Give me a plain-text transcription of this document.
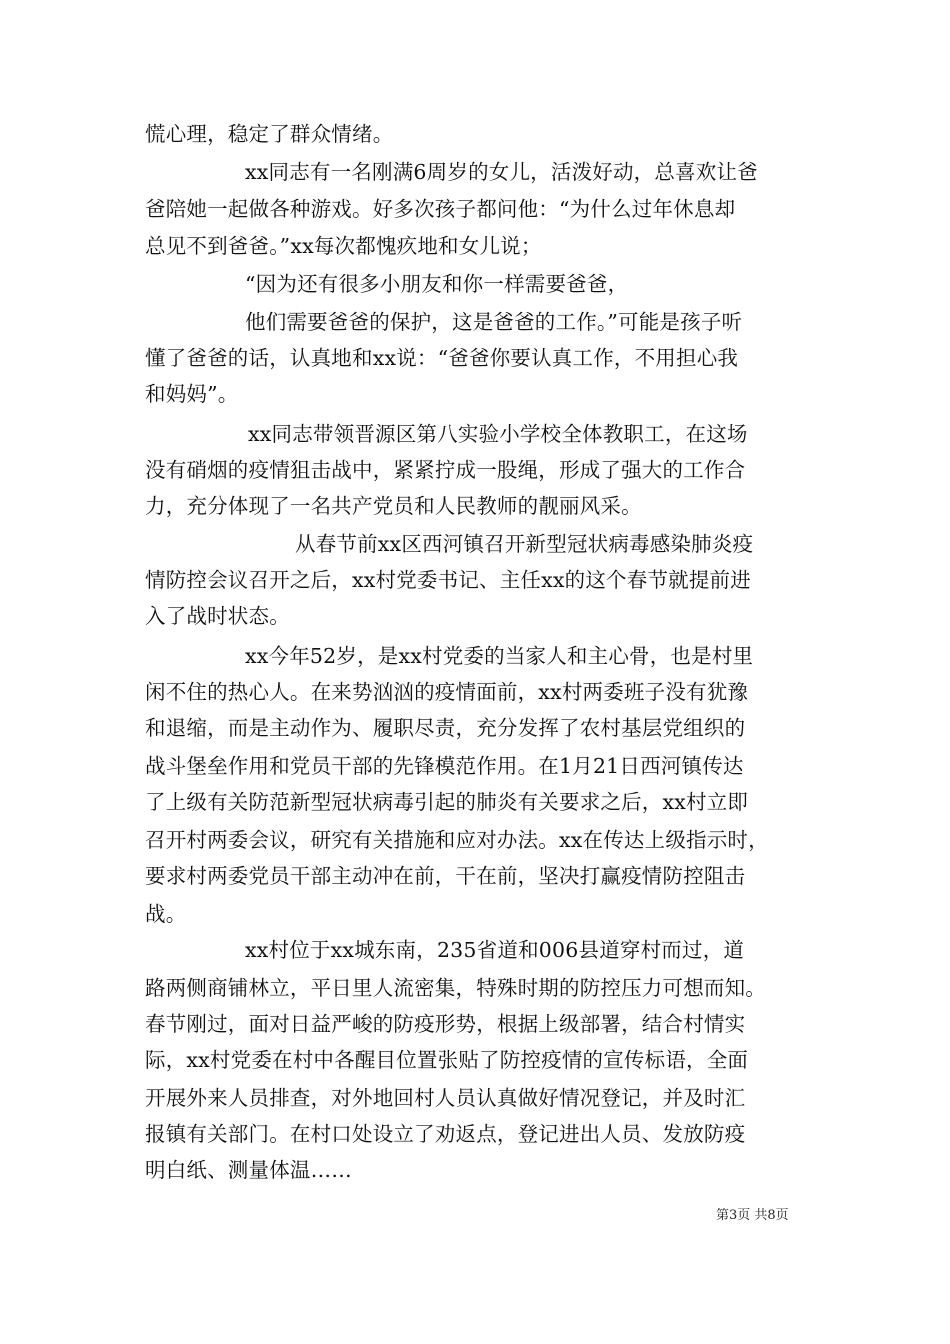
慌心理，稳定了群众情绪。
xx同志有一名刚满6周岁的女儿，活泼好动，总喜欢让爸
爸陪她一起做各种游戏。好多次孩子都问他：“为什么过年休息却
总见不到爸爸。”xx每次都愧疚地和女儿说；
“因为还有很多小朋友和你一样需要爸爸，
他们需要爸爸的保护，这是爸爸的工作。”可能是孩子听
懂了爸爸的话，认真地和xx说：“爸爸你要认真工作，不用担心我
和妈妈”。
xx同志带领晋源区第八实验小学校全体教职工，在这场
没有硝烟的疫情狙击战中，紧紧拧成一股绳，形成了强大的工作合
力，充分体现了一名共产党员和人民教师的靓丽风采。
从春节前xx区西河镇召开新型冠状病毒感染肺炎疫
情防控会议召开之后，xx村党委书记、主任xx的这个春节就提前进
入了战时状态。
xx今年52岁，是xx村党委的当家人和主心骨，也是村里
闲不住的热心人。在来势汹汹的疫情面前，xx村两委班子没有犹豫
和退缩，而是主动作为、履职尽责，充分发挥了农村基层党组织的
战斗堡垒作用和党员干部的先锋模范作用。在1月21日西河镇传达
了上级有关防范新型冠状病毒引起的肺炎有关要求之后，xx村立即
召开村两委会议，研究有关措施和应对办法。xx在传达上级指示时，
要求村两委党员干部主动冲在前，干在前，坚决打赢疫情防控阻击
战。
xx村位于xx城东南，235省道和006县道穿村而过，道
路两侧商铺林立，平日里人流密集，特殊时期的防控压力可想而知。
春节刚过，面对日益严峻的防疫形势，根据上级部署，结合村情实
际，xx村党委在村中各醒目位置张贴了防控疫情的宣传标语，全面
开展外来人员排查，对外地回村人员认真做好情况登记，并及时汇
报镇有关部门。在村口处设立了劝返点，登记进出人员、发放防疫
明白纸、测量体温……
第3页 共8页
